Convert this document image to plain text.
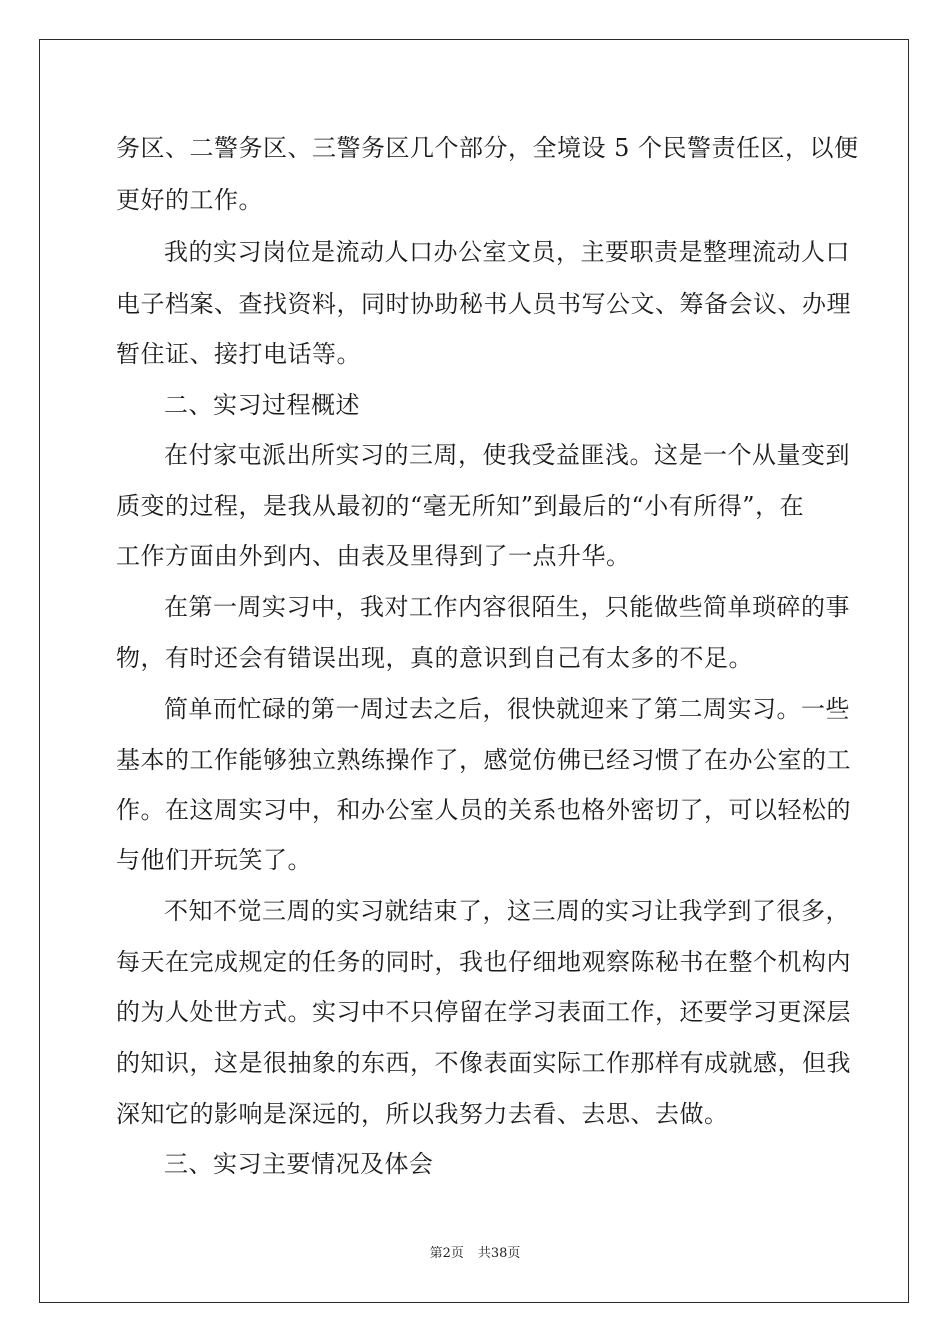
务区、二警务区、三警务区几个部分，全境设 5 个民警责任区，以便
更好的工作。
我的实习岗位是流动人口办公室文员，主要职责是整理流动人口
电子档案、查找资料，同时协助秘书人员书写公文、筹备会议、办理
暂住证、接打电话等。
二、实习过程概述
在付家屯派出所实习的三周，使我受益匪浅。这是一个从量变到
质变的过程，是我从最初的“毫无所知”到最后的“小有所得”，在
工作方面由外到内、由表及里得到了一点升华。
在第一周实习中，我对工作内容很陌生，只能做些简单琐碎的事
物，有时还会有错误出现，真的意识到自己有太多的不足。
简单而忙碌的第一周过去之后，很快就迎来了第二周实习。一些
基本的工作能够独立熟练操作了，感觉仿佛已经习惯了在办公室的工
作。在这周实习中，和办公室人员的关系也格外密切了，可以轻松的
与他们开玩笑了。
不知不觉三周的实习就结束了，这三周的实习让我学到了很多，
每天在完成规定的任务的同时，我也仔细地观察陈秘书在整个机构内
的为人处世方式。实习中不只停留在学习表面工作，还要学习更深层
的知识，这是很抽象的东西，不像表面实际工作那样有成就感，但我
深知它的影响是深远的，所以我努力去看、去思、去做。
三、实习主要情况及体会
第2页 共38页
